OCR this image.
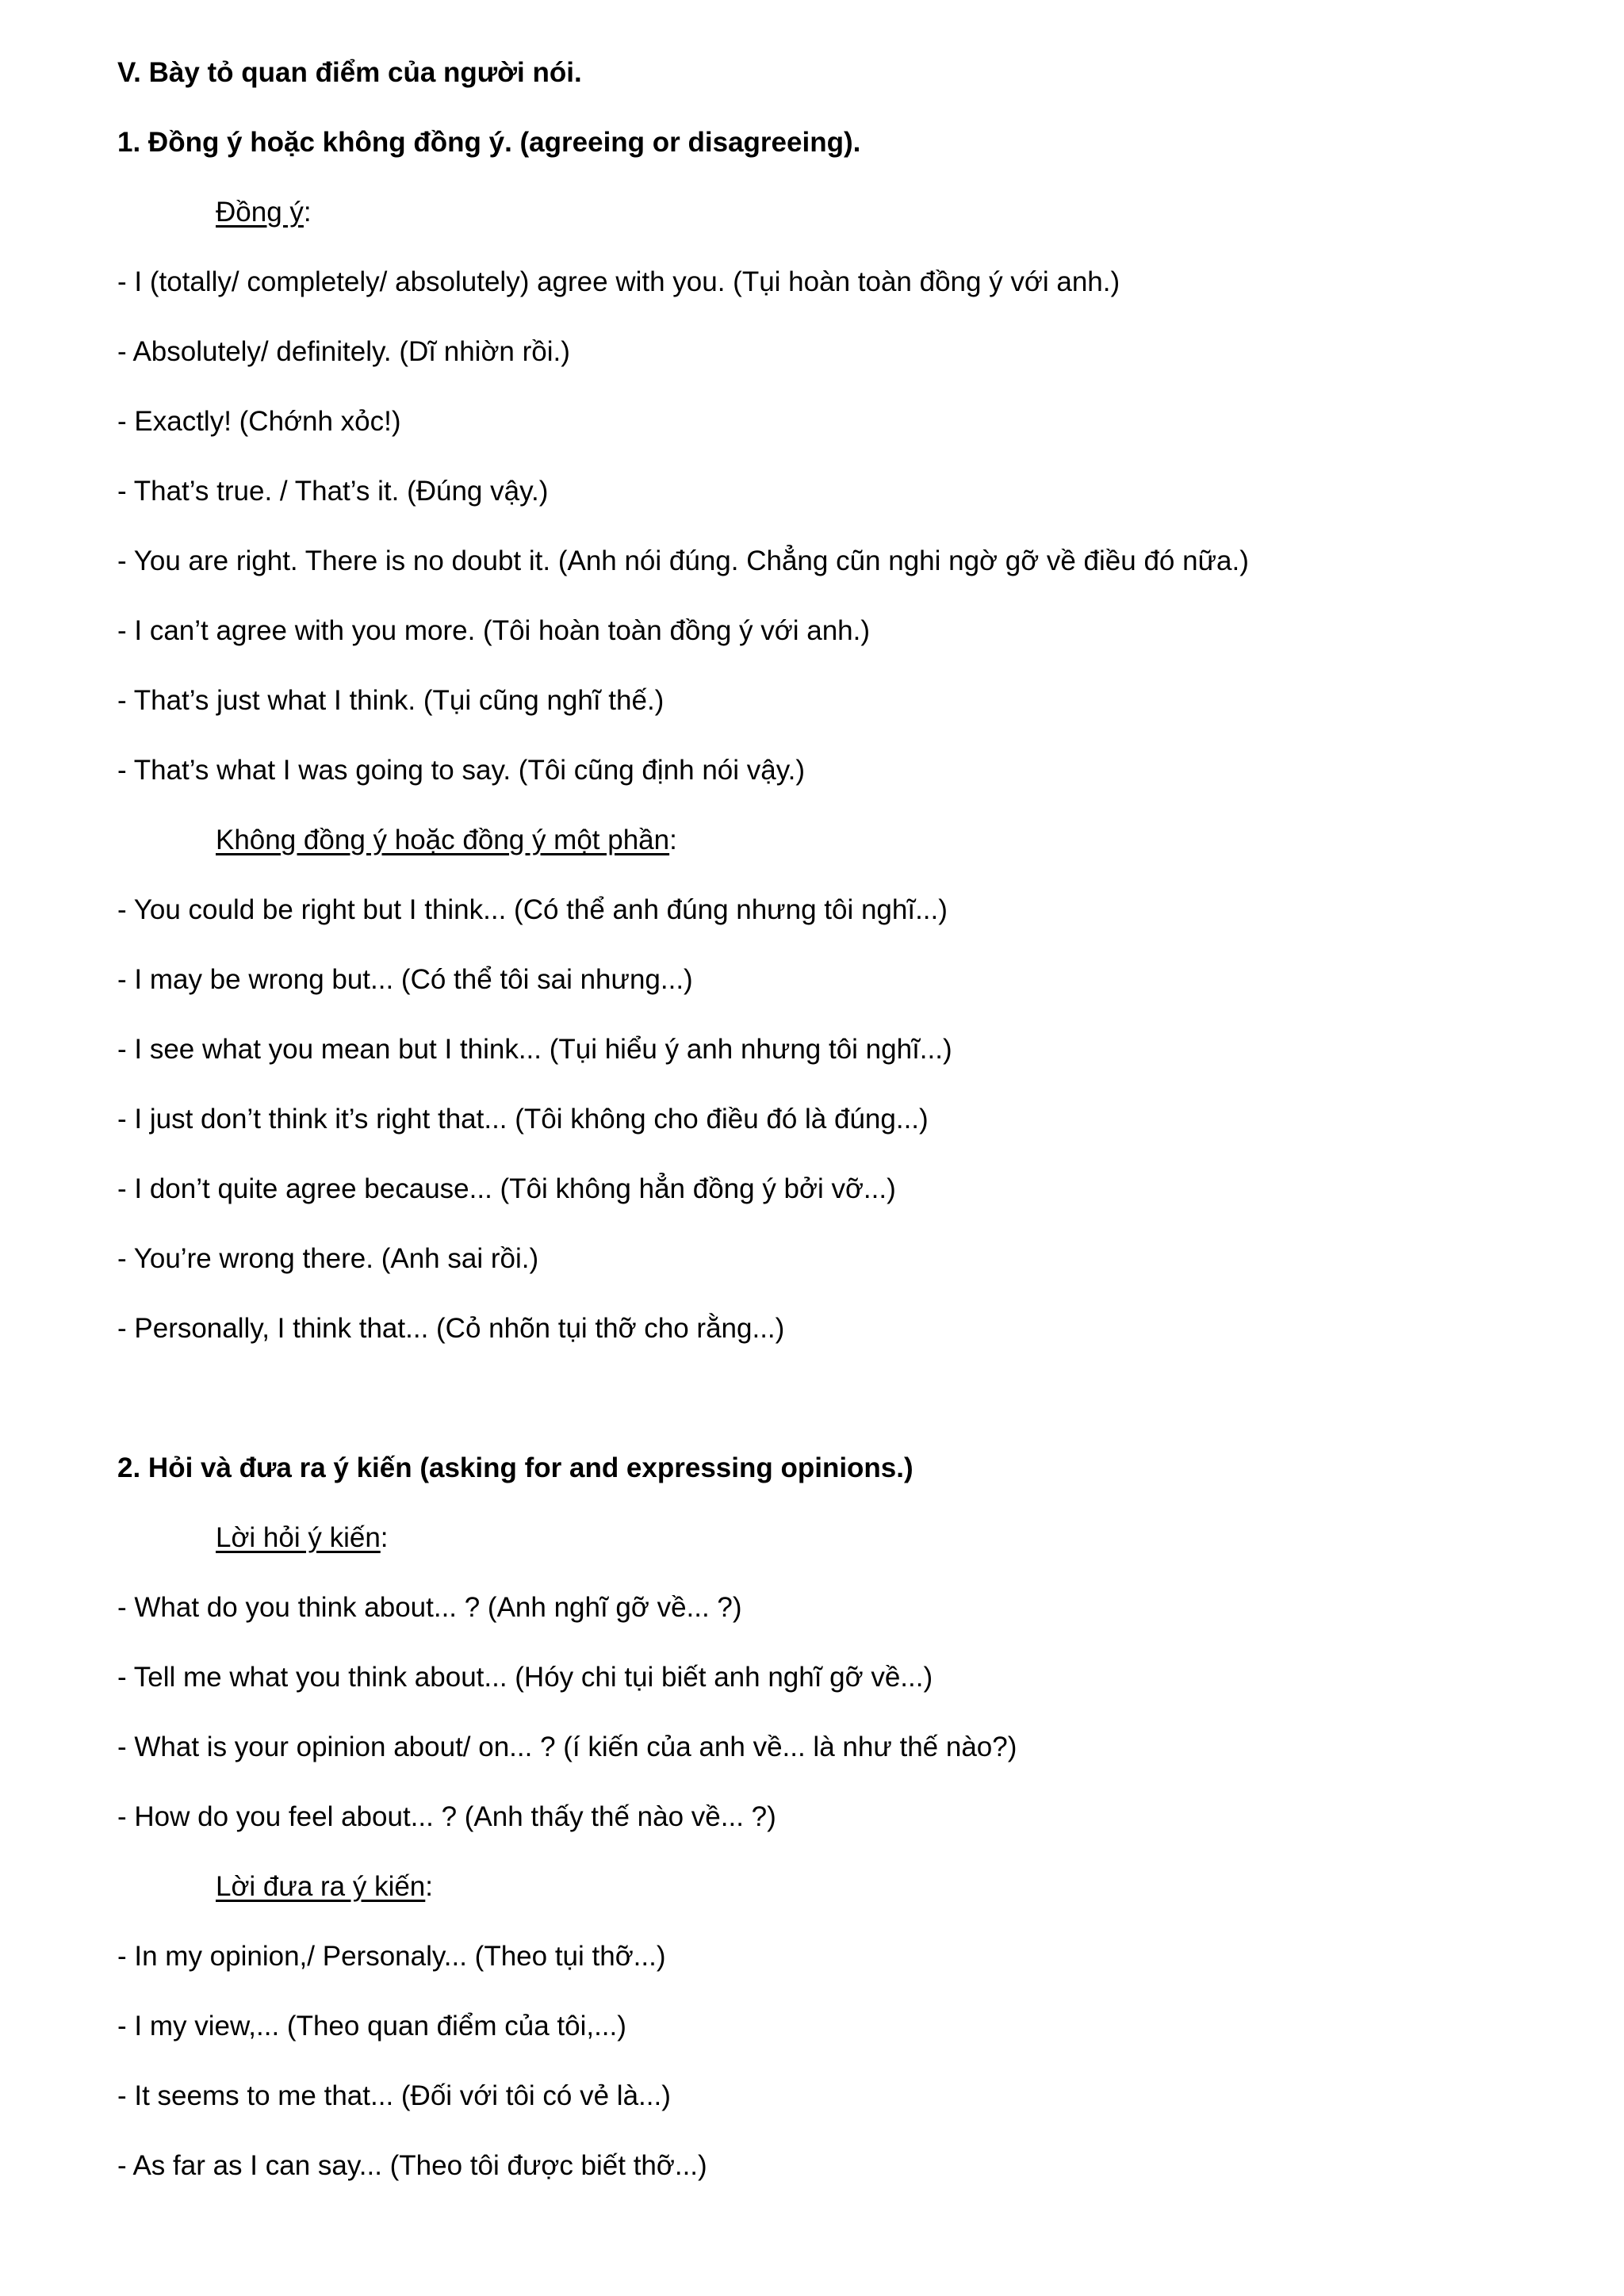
V. Bày tỏ quan điểm của người nói.
1. Đồng ý hoặc không đồng ý. (agreeing or disagreeing).
Đồng ý:
- I (totally/ completely/ absolutely) agree with you. (Tụi hoàn toàn đồng ý với anh.)
- Absolutely/ definitely. (Dĩ nhiờn rồi.)
- Exactly! (Chớnh xỏc!)
- That’s true. / That’s it. (Đúng vậy.)
- You are right. There is no doubt it. (Anh nói đúng. Chẳng cũn nghi ngờ gỡ về điều đó nữa.)
- I can’t agree with you more. (Tôi hoàn toàn đồng ý với anh.)
- That’s just what I think. (Tụi cũng nghĩ thế.)
- That’s what I was going to say. (Tôi cũng định nói vậy.)
Không đồng ý hoặc đồng ý một phần:
- You could be right but I think... (Có thể anh đúng nhưng tôi nghĩ...)
- I may be wrong but... (Có thể tôi sai nhưng...)
- I see what you mean but I think... (Tụi hiểu ý anh nhưng tôi nghĩ...)
- I just don’t think it’s right that... (Tôi không cho điều đó là đúng...)
- I don’t quite agree because... (Tôi không hẳn đồng ý bởi vỡ...)
- You’re wrong there. (Anh sai rồi.)
- Personally, I think that... (Cỏ nhõn tụi thỡ cho rằng...)
2. Hỏi và đưa ra ý kiến (asking for and expressing opinions.)
Lời hỏi ý kiến:
- What do you think about... ? (Anh nghĩ gỡ về... ?)
- Tell me what you think about... (Hóy chi tụi biết anh nghĩ gỡ về...)
- What is your opinion about/ on... ? (í kiến của anh về... là như thế nào?)
- How do you feel about... ? (Anh thấy thế nào về... ?)
Lời đưa ra ý kiến:
- In my opinion,/ Personaly... (Theo tụi thỡ...)
- I my view,... (Theo quan điểm của tôi,...)
- It seems to me that... (Đối với tôi có vẻ là...)
- As far as I can say... (Theo tôi được biết thỡ...)
